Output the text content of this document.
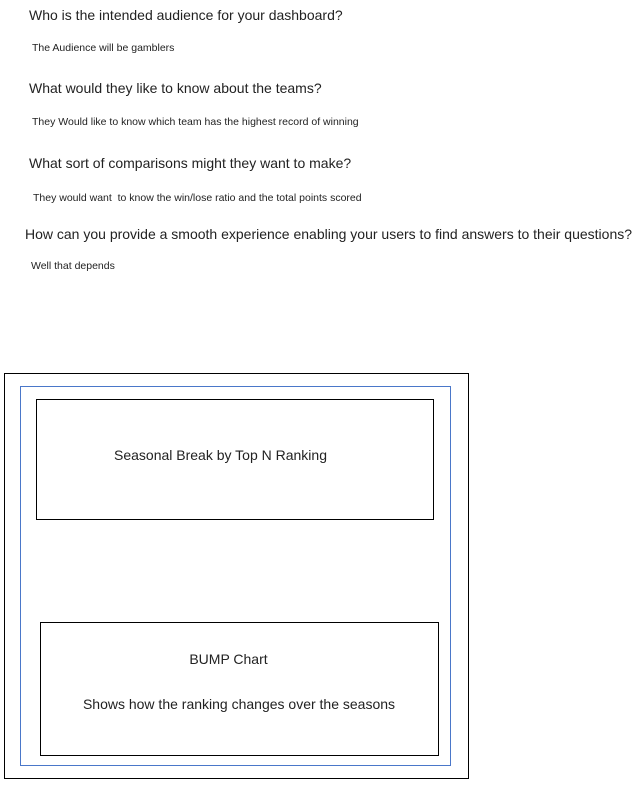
Who is the intended audience for your dashboard?
The Audience will be gamblers
What would they like to know about the teams?
They Would like to know which team has the highest record of winning
What sort of comparisons might they want to make?
They would want  to know the win/lose ratio and the total points scored
How can you provide a smooth experience enabling your users to find answers to their questions?
Well that depends
Seasonal Break by Top N Ranking
BUMP Chart
Shows how the ranking changes over the seasons
